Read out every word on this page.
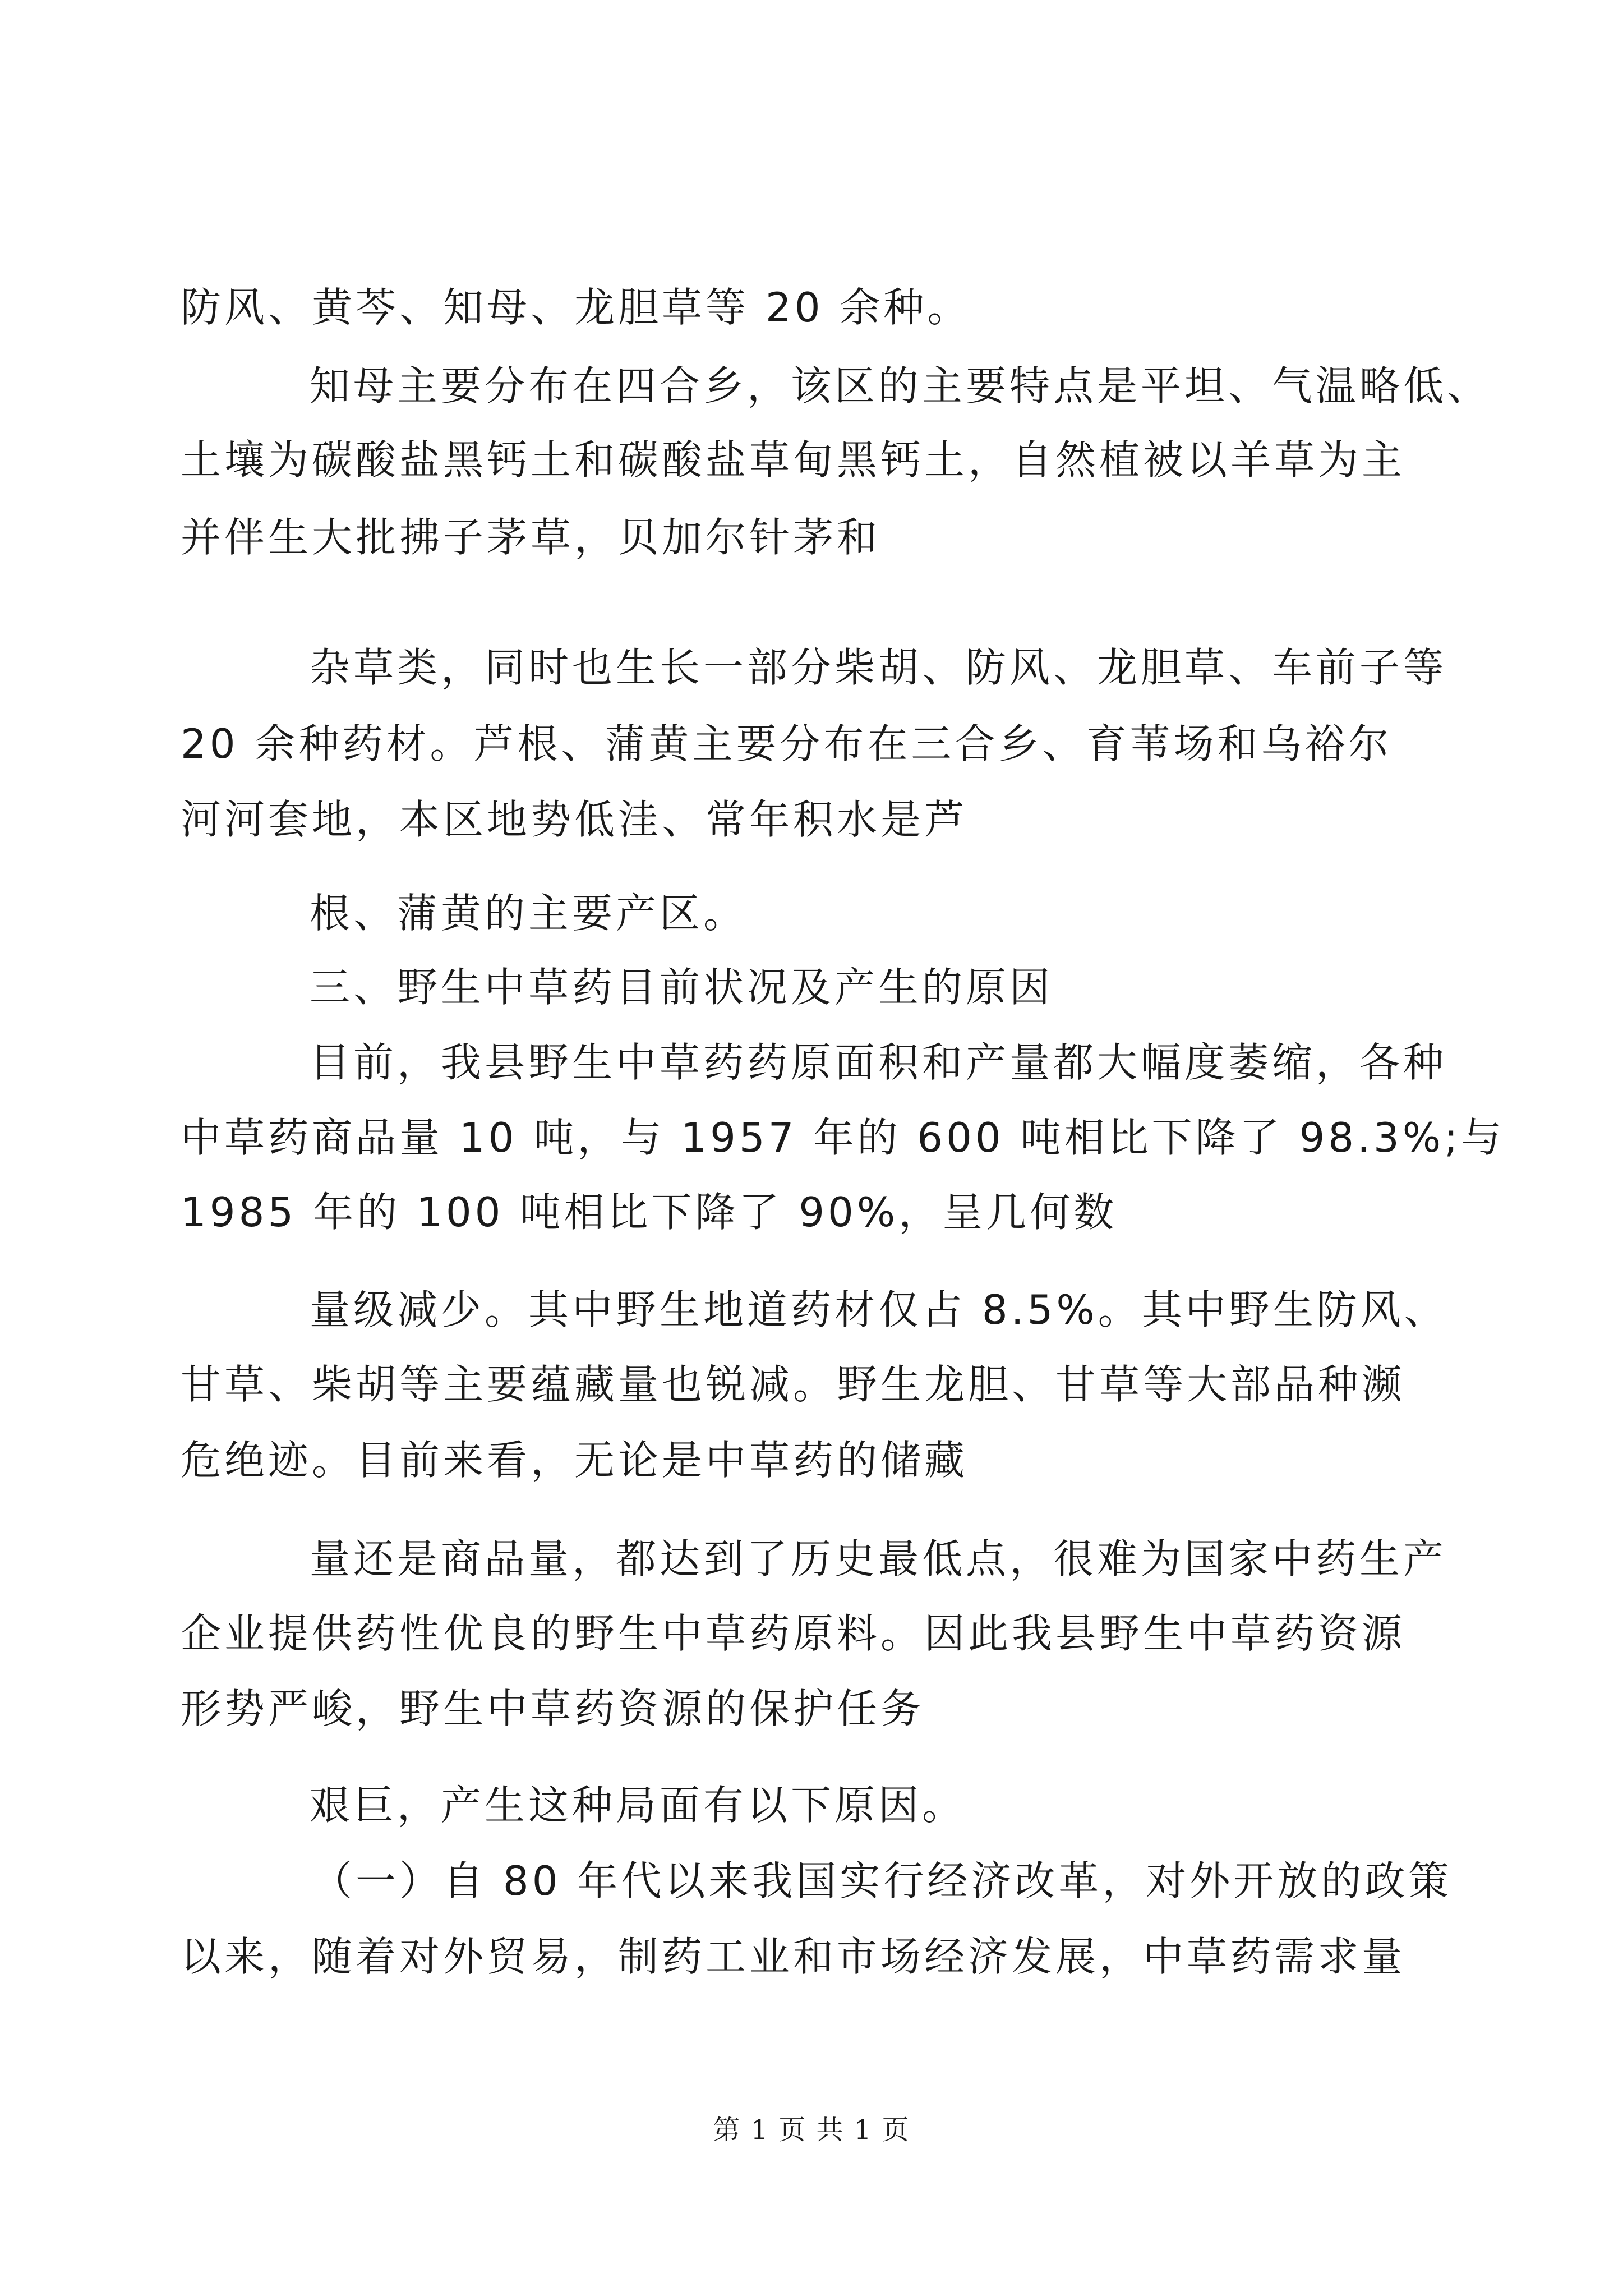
防风、黄芩、知母、龙胆草等 20 余种。
知母主要分布在四合乡，该区的主要特点是平坦、气温略低、
土壤为碳酸盐黑钙土和碳酸盐草甸黑钙土，自然植被以羊草为主
并伴生大批拂子茅草，贝加尔针茅和
杂草类，同时也生长一部分柴胡、防风、龙胆草、车前子等
20 余种药材。芦根、蒲黄主要分布在三合乡、育苇场和乌裕尔
河河套地，本区地势低洼、常年积水是芦
根、蒲黄的主要产区。
三、野生中草药目前状况及产生的原因
目前，我县野生中草药药原面积和产量都大幅度萎缩，各种
中草药商品量 10 吨，与 1957 年的 600 吨相比下降了 98.3%;与
1985 年的 100 吨相比下降了 90%，呈几何数
量级减少。其中野生地道药材仅占 8.5%。其中野生防风、
甘草、柴胡等主要蕴藏量也锐减。野生龙胆、甘草等大部品种濒
危绝迹。目前来看，无论是中草药的储藏
量还是商品量，都达到了历史最低点，很难为国家中药生产
企业提供药性优良的野生中草药原料。因此我县野生中草药资源
形势严峻，野生中草药资源的保护任务
艰巨，产生这种局面有以下原因。
（一）自 80 年代以来我国实行经济改革，对外开放的政策
以来，随着对外贸易，制药工业和市场经济发展，中草药需求量
第 1 页 共 1 页
